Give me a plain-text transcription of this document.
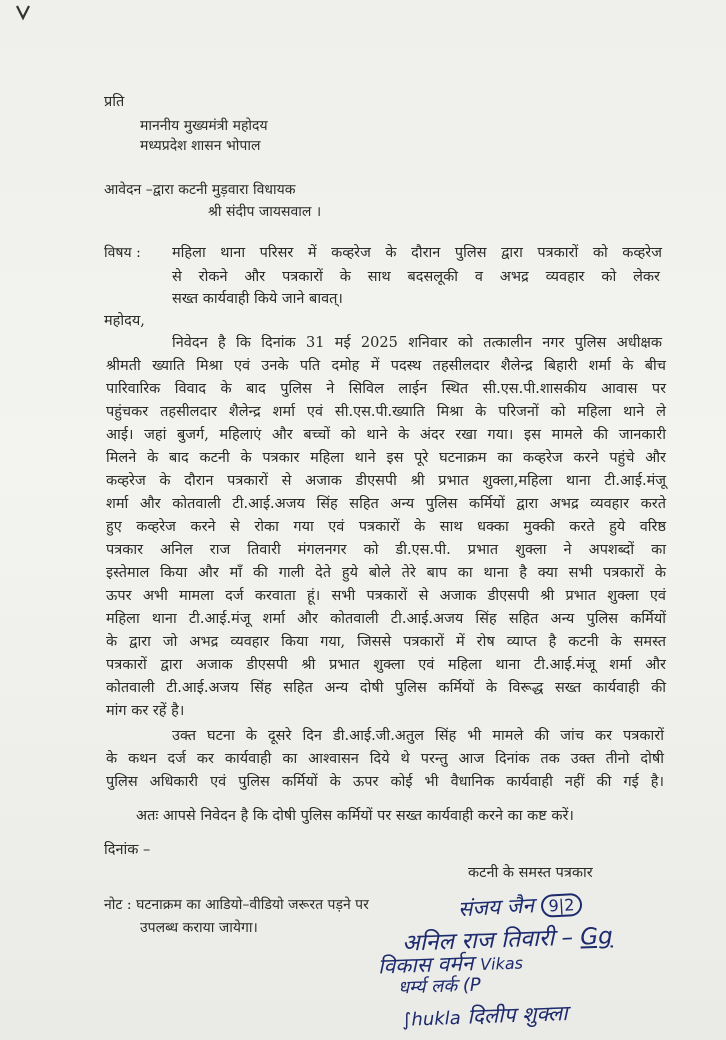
प्रति
माननीय मुख्यमंत्री महोदय
मध्यप्रदेश शासन भोपाल
आवेदन –द्वारा कटनी मुड़वारा विधायक
श्री संदीप जायसवाल ।
विषय : महिला थाना परिसर में कव्हरेज के दौरान पुलिस द्वारा पत्रकारों को कव्हरेज
से रोकने और पत्रकारों के साथ बदसलूकी व अभद्र व्यवहार को लेकर
सख्त कार्यवाही किये जाने बावत्।
महोदय,
निवेदन है कि दिनांक 31 मई 2025 शनिवार को तत्कालीन नगर पुलिस अधीक्षक
श्रीमती ख्याति मिश्रा एवं उनके पति दमोह में पदस्थ तहसीलदार शैलेन्द्र बिहारी शर्मा के बीच
पारिवारिक विवाद के बाद पुलिस ने सिविल लाईन स्थित सी.एस.पी.शासकीय आवास पर
पहुंचकर तहसीलदार शैलेन्द्र शर्मा एवं सी.एस.पी.ख्याति मिश्रा के परिजनों को महिला थाने ले
आई। जहां बुजर्ग, महिलाएं और बच्चों को थाने के अंदर रखा गया। इस मामले की जानकारी
मिलने के बाद कटनी के पत्रकार महिला थाने इस पूरे घटनाक्रम का कव्हरेज करने पहुंचे और
कव्हरेज के दौरान पत्रकारों से अजाक डीएसपी श्री प्रभात शुक्ला,महिला थाना टी.आई.मंजू
शर्मा और कोतवाली टी.आई.अजय सिंह सहित अन्य पुलिस कर्मियों द्वारा अभद्र व्यवहार करते
हुए कव्हरेज करने से रोका गया एवं पत्रकारों के साथ धक्का मुक्की करते हुये वरिष्ठ
पत्रकार अनिल राज तिवारी मंगलनगर को डी.एस.पी. प्रभात शुक्ला ने अपशब्दों का
इस्तेमाल किया और माँ की गाली देते हुये बोले तेरे बाप का थाना है क्या सभी पत्रकारों के
ऊपर अभी मामला दर्ज करवाता हूं। सभी पत्रकारों से अजाक डीएसपी श्री प्रभात शुक्ला एवं
महिला थाना टी.आई.मंजू शर्मा और कोतवाली टी.आई.अजय सिंह सहित अन्य पुलिस कर्मियों
के द्वारा जो अभद्र व्यवहार किया गया, जिससे पत्रकारों में रोष व्याप्त है कटनी के समस्त
पत्रकारों द्वारा अजाक डीएसपी श्री प्रभात शुक्ला एवं महिला थाना टी.आई.मंजू शर्मा और
कोतवाली टी.आई.अजय सिंह सहित अन्य दोषी पुलिस कर्मियों के विरूद्ध सख्त कार्यवाही की
मांग कर रहें है।
उक्त घटना के दूसरे दिन डी.आई.जी.अतुल सिंह भी मामले की जांच कर पत्रकारों
के कथन दर्ज कर कार्यवाही का आश्वासन दिये थे परन्तु आज दिनांक तक उक्त तीनो दोषी
पुलिस अधिकारी एवं पुलिस कर्मियों के ऊपर कोई भी वैधानिक कार्यवाही नहीं की गई है।
अतः आपसे निवेदन है कि दोषी पुलिस कर्मियों पर सख्त कार्यवाही करने का कष्ट करें।
दिनांक –
कटनी के समस्त पत्रकार
नोट : घटनाक्रम का आडियो–वीडियो जरूरत पड़ने पर
उपलब्ध कराया जायेगा।
संजय जैन 9|2
अनिल राज तिवारी – Gg
विकास वर्मन Vikas
धर्म्य लर्क (P
∫hukla दिलीप शुक्ला
